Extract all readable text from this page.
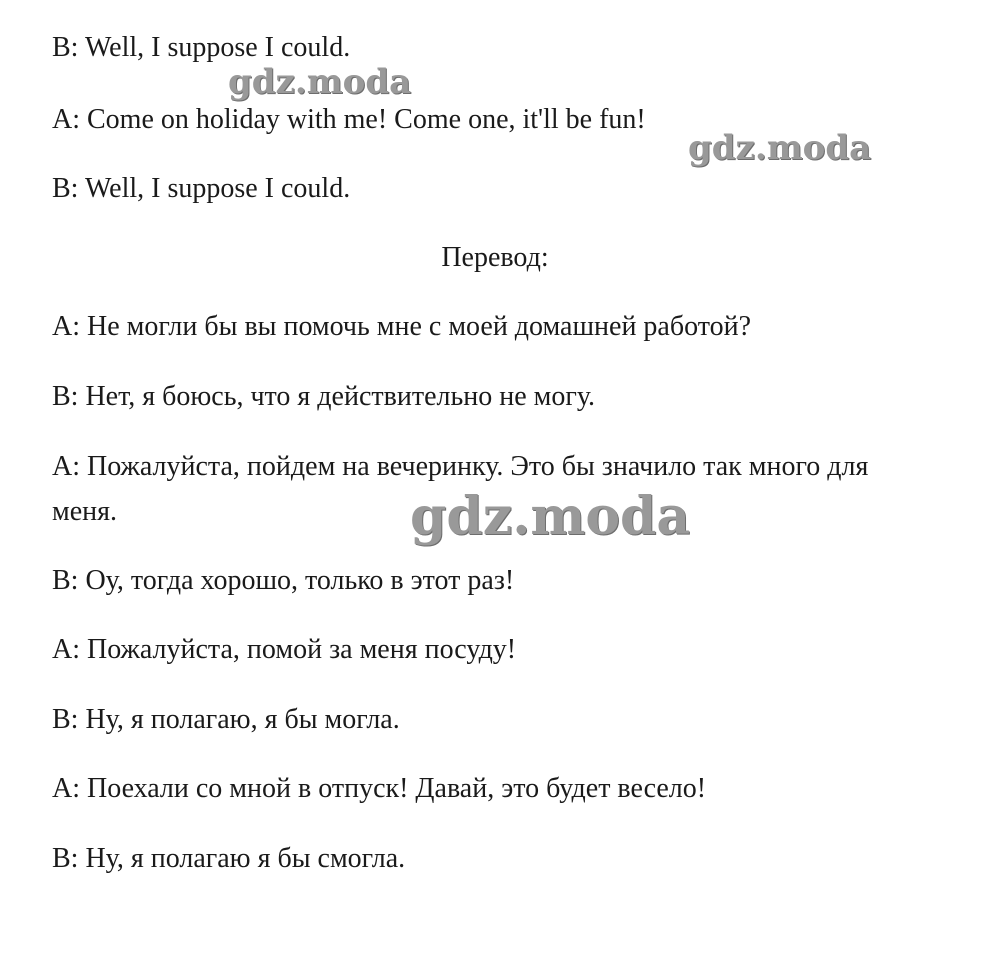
B: Well, I suppose I could.

A: Come on holiday with me! Come one, it'll be fun!

B: Well, I suppose I could.

Перевод:

A: Не могли бы вы помочь мне с моей домашней работой?

B: Нет, я боюсь, что я действительно не могу.

A: Пожалуйста, пойдем на вечеринку. Это бы значило так много для

меня.

B: Оу, тогда хорошо, только в этот раз!

A: Пожалуйста, помой за меня посуду!

B: Ну, я полагаю, я бы могла.

A: Поехали со мной в отпуск! Давай, это будет весело!

B: Ну, я полагаю я бы смогла.

gdz.moda
gdz.moda
gdz.moda
